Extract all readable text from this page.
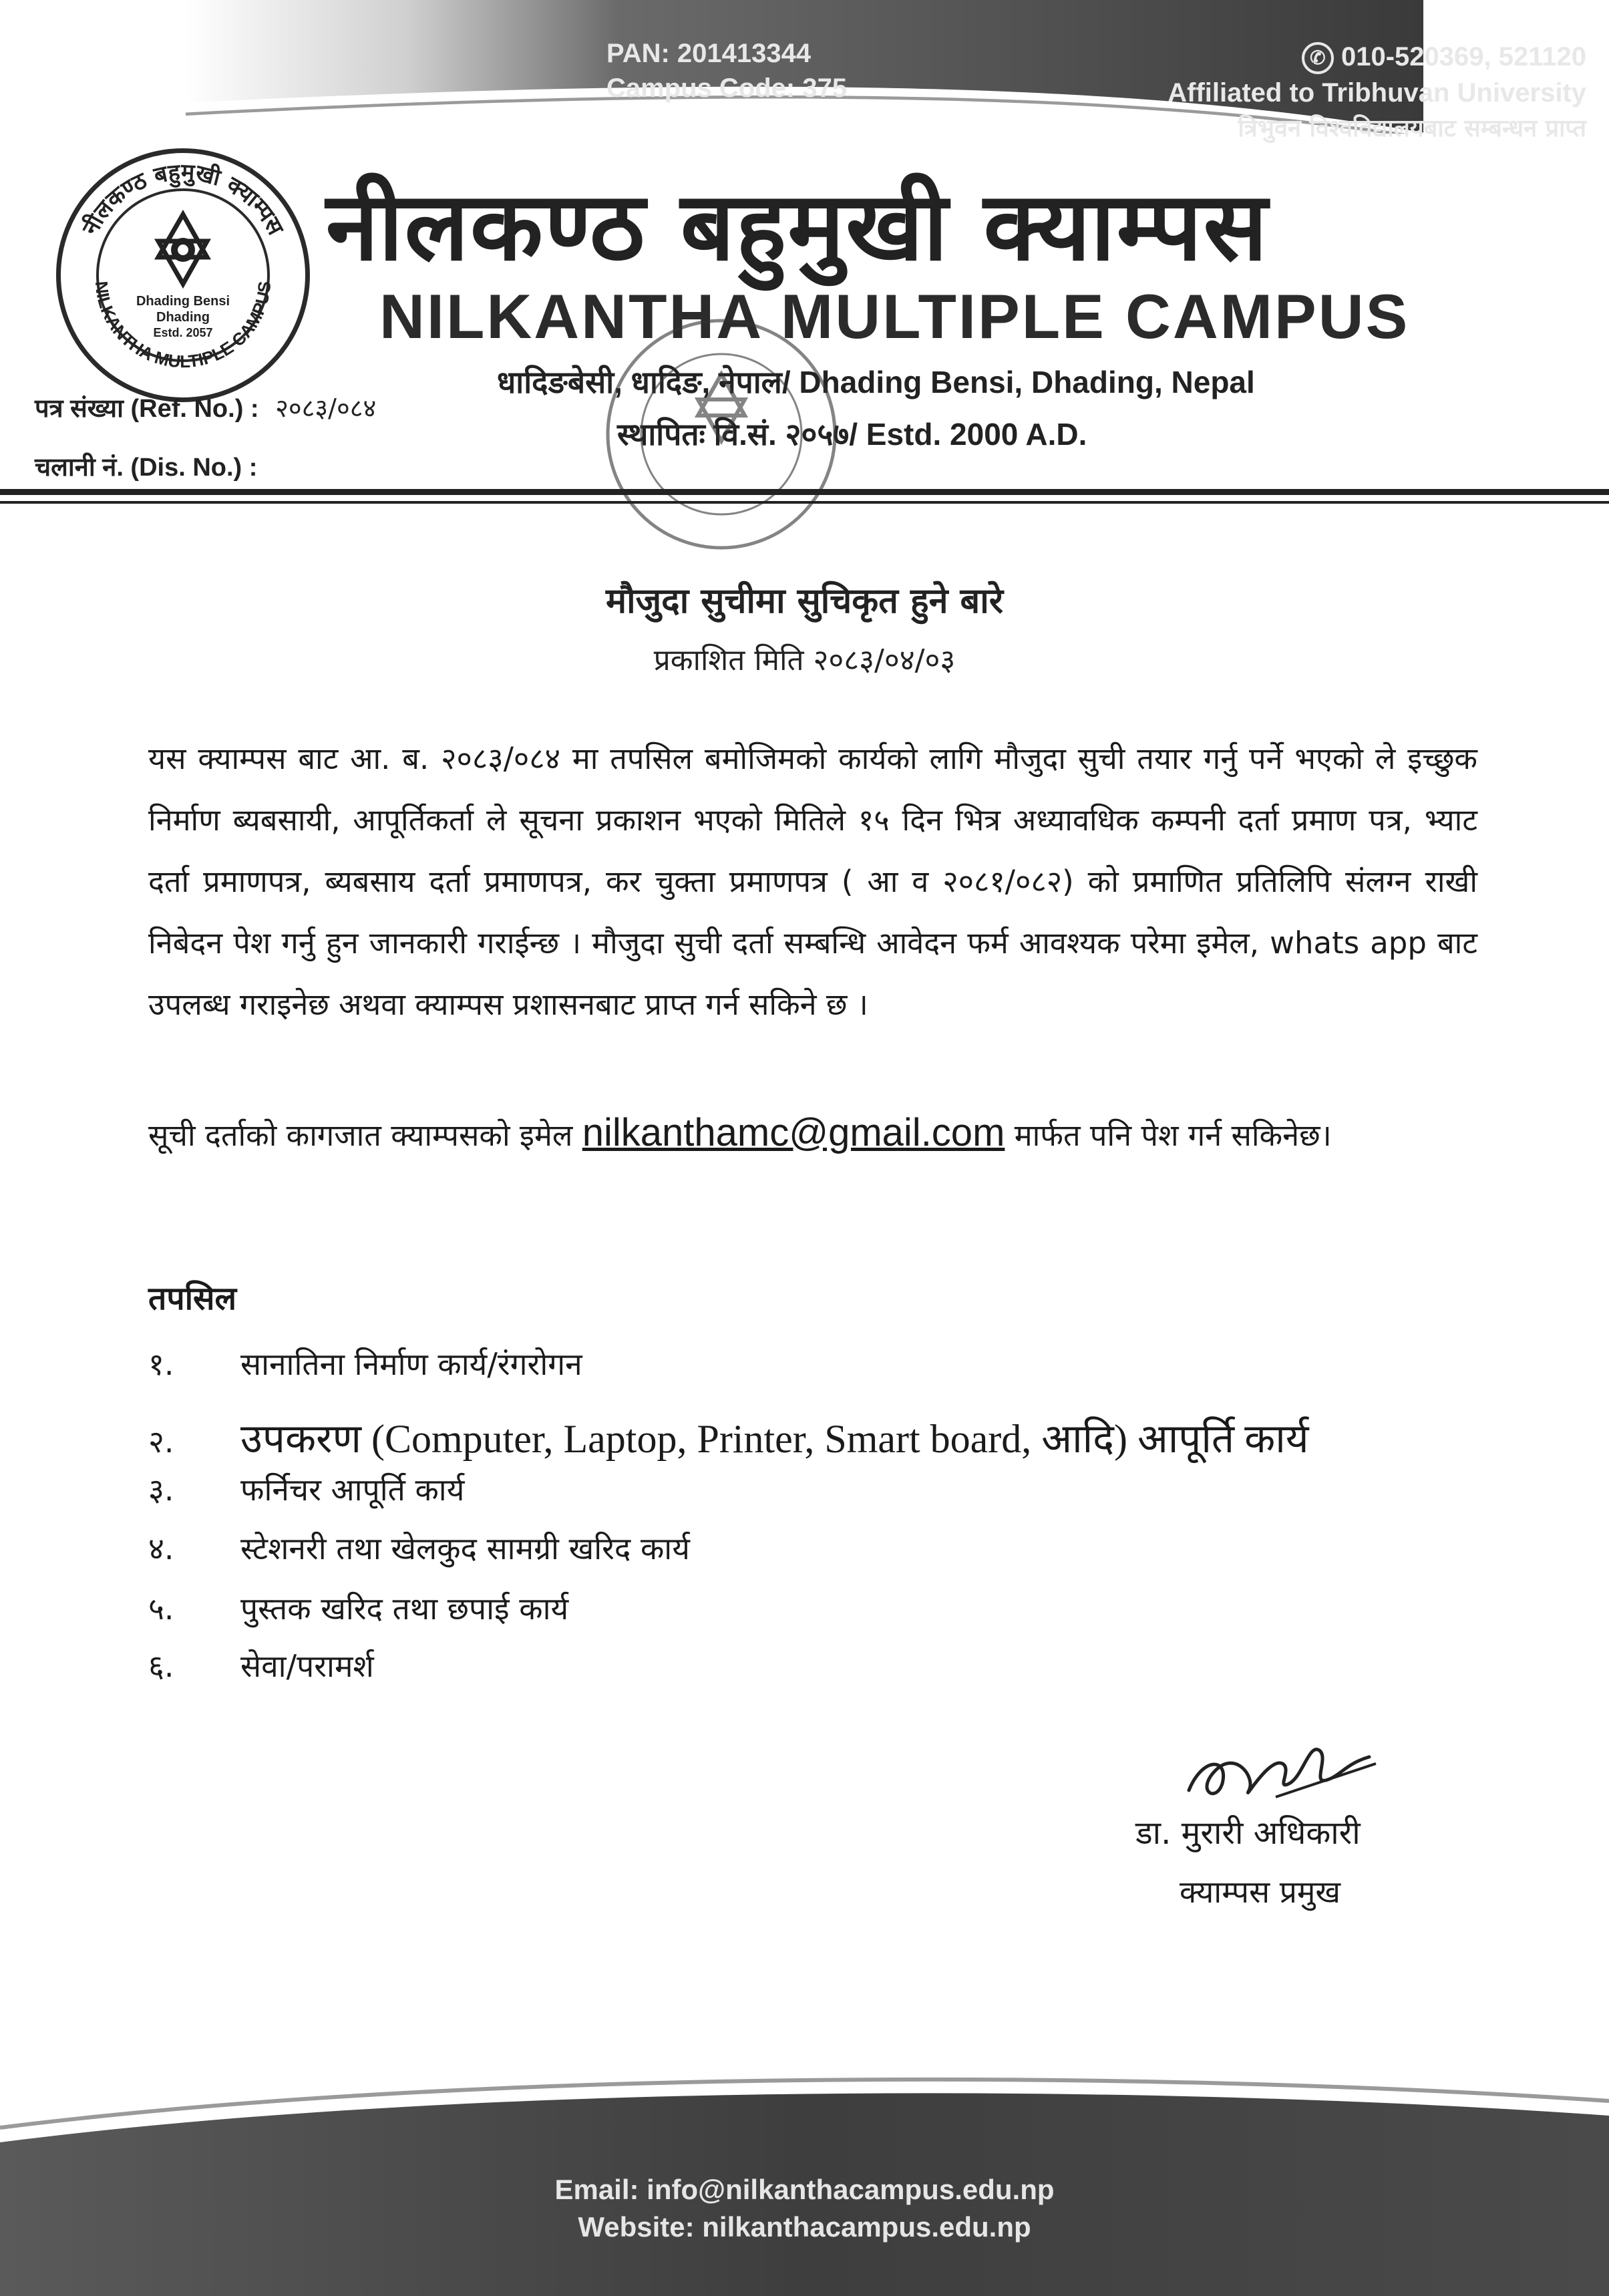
PAN: 201413344
Campus Code: 375
✆ 010-520369, 521120
Affiliated to Tribhuvan University
त्रिभुवन विश्वविद्यालयबाट सम्बन्धन प्राप्त
नीलकण्ठ बहुमुखी क्याम्पस
NILKANTHA MULTIPLE CAMPUS
Dhading Bensi
Dhading
Estd. 2057
नीलकण्ठ बहुमुखी क्याम्पस
NILKANTHA MULTIPLE CAMPUS
धादिङबेसी, धादिङ, नेपाल/ Dhading Bensi, Dhading, Nepal
स्थापितः वि.सं. २०५७/ Estd. 2000 A.D.
पत्र संख्या (Ref. No.) : २०८३/०८४
चलानी नं. (Dis. No.) :
मौजुदा सुचीमा सुचिकृत हुने बारे
प्रकाशित मिति २०८३/०४/०३
यस क्याम्पस बाट आ. ब. २०८३/०८४ मा तपसिल बमोजिमको कार्यको लागि मौजुदा सुची तयार गर्नु पर्ने भएको ले इच्छुक निर्माण ब्यबसायी, आपूर्तिकर्ता ले सूचना प्रकाशन भएको मितिले १५ दिन भित्र अध्यावधिक कम्पनी दर्ता प्रमाण पत्र, भ्याट दर्ता प्रमाणपत्र, ब्यबसाय दर्ता प्रमाणपत्र, कर चुक्ता प्रमाणपत्र ( आ व २०८१/०८२) को प्रमाणित प्रतिलिपि संलग्न राखी निबेदन पेश गर्नु हुन जानकारी गराईन्छ । मौजुदा सुची दर्ता सम्बन्धि आवेदन फर्म आवश्यक परेमा इमेल, whats app बाट उपलब्ध गराइनेछ अथवा क्याम्पस प्रशासनबाट प्राप्त गर्न सकिने छ ।
सूची दर्ताको कागजात क्याम्पसको इमेल nilkanthamc@gmail.com मार्फत पनि पेश गर्न सकिनेछ।
तपसिल
१. सानातिना निर्माण कार्य/रंगरोगन
२. उपकरण (Computer, Laptop, Printer, Smart board, आदि) आपूर्ति कार्य
३. फर्निचर आपूर्ति कार्य
४. स्टेशनरी तथा खेलकुद सामग्री खरिद कार्य
५. पुस्तक खरिद तथा छपाई कार्य
६. सेवा/परामर्श
डा. मुरारी अधिकारी
क्याम्पस प्रमुख
Email: info@nilkanthacampus.edu.np
Website: nilkanthacampus.edu.np
